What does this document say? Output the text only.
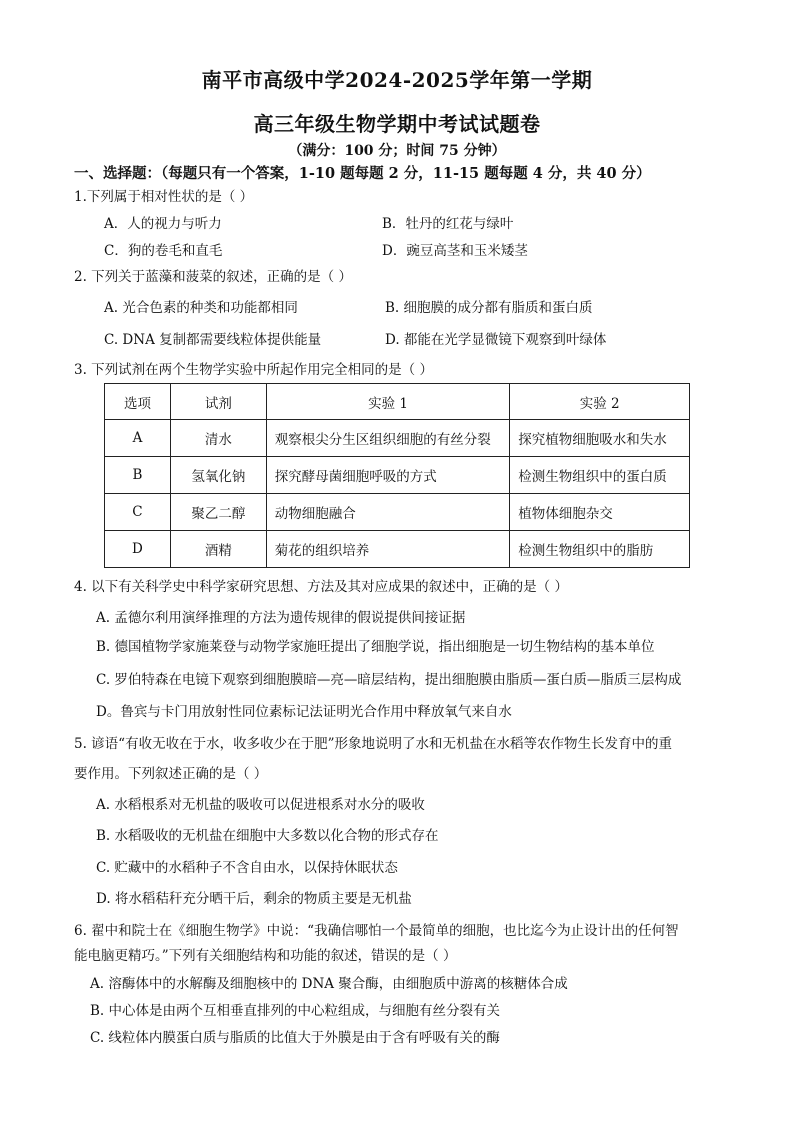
南平市高级中学2024-2025学年第一学期
高三年级生物学期中考试试题卷
（满分：100 分；时间 75 分钟）
一、选择题：（每题只有一个答案，1-10 题每题 2 分，11-15 题每题 4 分，共 40 分）
1.下列属于相对性状的是（ ）
A．人的视力与听力	B．牡丹的红花与绿叶
C．狗的卷毛和直毛	D．豌豆高茎和玉米矮茎
2. 下列关于蓝藻和菠菜的叙述，正确的是（ ）
A. 光合色素的种类和功能都相同	B. 细胞膜的成分都有脂质和蛋白质
C. DNA 复制都需要线粒体提供能量	D. 都能在光学显微镜下观察到叶绿体
3. 下列试剂在两个生物学实验中所起作用完全相同的是（ ）
选项	试剂	实验 1	实验 2
A	清水	观察根尖分生区组织细胞的有丝分裂	探究植物细胞吸水和失水
B	氢氧化钠	探究酵母菌细胞呼吸的方式	检测生物组织中的蛋白质
C	聚乙二醇	动物细胞融合	植物体细胞杂交
D	酒精	菊花的组织培养	检测生物组织中的脂肪
4. 以下有关科学史中科学家研究思想、方法及其对应成果的叙述中，正确的是（ ）
A. 孟德尔利用演绎推理的方法为遗传规律的假说提供间接证据
B. 德国植物学家施莱登与动物学家施旺提出了细胞学说，指出细胞是一切生物结构的基本单位
C. 罗伯特森在电镜下观察到细胞膜暗—亮—暗层结构，提出细胞膜由脂质—蛋白质—脂质三层构成
D。鲁宾与卡门用放射性同位素标记法证明光合作用中释放氧气来自水
5. 谚语“有收无收在于水，收多收少在于肥”形象地说明了水和无机盐在水稻等农作物生长发育中的重
要作用。下列叙述正确的是（ ）
A. 水稻根系对无机盐的吸收可以促进根系对水分的吸收
B. 水稻吸收的无机盐在细胞中大多数以化合物的形式存在
C. 贮藏中的水稻种子不含自由水，以保持休眠状态
D. 将水稻秸秆充分晒干后，剩余的物质主要是无机盐
6. 翟中和院士在《细胞生物学》中说：“我确信哪怕一个最简单的细胞，也比迄今为止设计出的任何智
能电脑更精巧。”下列有关细胞结构和功能的叙述，错误的是（ ）
A. 溶酶体中的水解酶及细胞核中的 DNA 聚合酶，由细胞质中游离的核糖体合成
B. 中心体是由两个互相垂直排列的中心粒组成，与细胞有丝分裂有关
C. 线粒体内膜蛋白质与脂质的比值大于外膜是由于含有呼吸有关的酶
